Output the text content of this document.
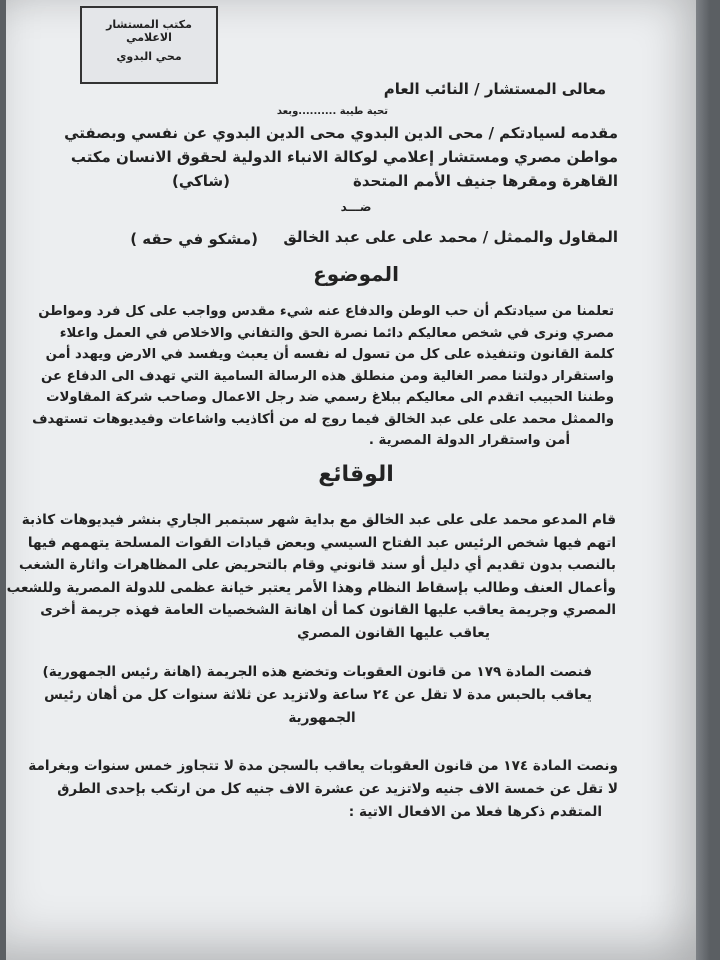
مكتب المستشار الاعلامي
محي البدوي
معالى المستشار / النائب العام
تحية طيبة ..........وبعد
مقدمه لسيادتكم / محى الدين البدوي محى الدين البدوي عن نفسي وبصفتي
مواطن مصري ومستشار إعلامي لوكالة الانباء الدولية لحقوق الانسان مكتب
القاهرة ومقرها جنيف الأمم المتحدة
(شاكي)
ضـــد
المقاول والممثل / محمد على على عبد الخالق
(مشكو في حقه )
الموضوع
تعلمنا من سيادتكم أن حب الوطن والدفاع عنه شيء مقدس وواجب على كل فرد ومواطن
مصري ونرى في شخص معاليكم دائما نصرة الحق والتفاني والاخلاص في العمل واعلاء
كلمة القانون وتنفيذه على كل من تسول له نفسه أن يعبث ويفسد في الارض ويهدد أمن
واستقرار دولتنا مصر الغالية ومن منطلق هذه الرسالة السامية التي تهدف الى الدفاع عن
وطننا الحبيب اتقدم الى معاليكم ببلاغ رسمي ضد رجل الاعمال وصاحب شركة المقاولات
والممثل محمد على على عبد الخالق فيما روج له من أكاذيب واشاعات وفيديوهات تستهدف
أمن واستقرار الدولة المصرية .
الوقائع
قام المدعو محمد على على عبد الخالق مع بداية شهر سبتمبر الجاري بنشر فيديوهات كاذبة
اتهم فيها شخص الرئيس عبد الفتاح السيسي وبعض قيادات القوات المسلحة يتهمهم فيها
بالنصب بدون تقديم أي دليل أو سند قانوني وقام بالتحريض على المظاهرات واثارة الشغب
وأعمال العنف وطالب بإسقاط النظام وهذا الأمر يعتبر خيانة عظمى للدولة المصرية وللشعب
المصري وجريمة يعاقب عليها القانون كما أن اهانة الشخصيات العامة فهذه جريمة أخرى
يعاقب عليها القانون المصري
فنصت المادة ١٧٩ من قانون العقوبات وتخضع هذه الجريمة (اهانة رئيس الجمهورية)
يعاقب بالحبس مدة لا تقل عن ٢٤ ساعة ولاتزيد عن ثلاثة سنوات كل من أهان رئيس
الجمهورية
ونصت المادة ١٧٤ من قانون العقوبات يعاقب بالسجن مدة لا تتجاوز خمس سنوات وبغرامة
لا تقل عن خمسة الاف جنيه ولاتزيد عن عشرة الاف جنيه كل من ارتكب بإحدى الطرق
المتقدم ذكرها فعلا من الافعال الاتية :
